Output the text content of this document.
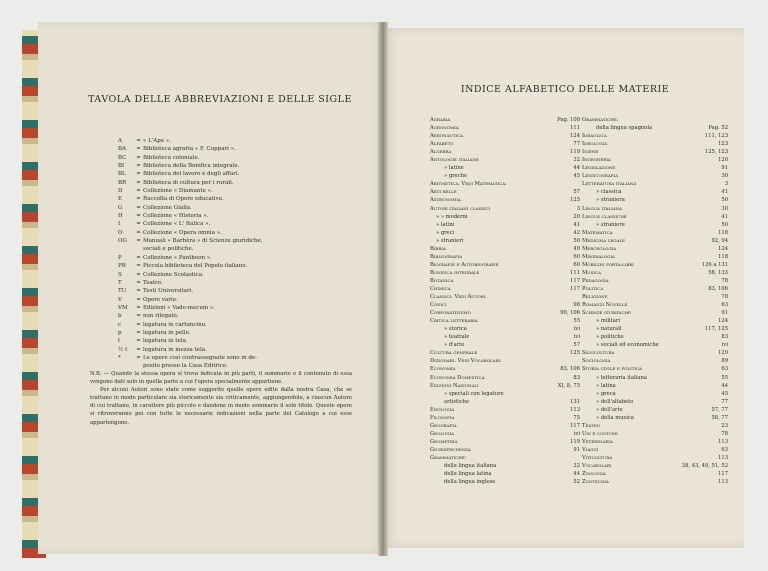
TAVOLA DELLE ABBREVIAZIONI E DELLE SIGLE
A	= « L'Ape ».
BA	= Biblioteca agraria « F. Cuppari ».
BC	= Biblioteca coloniale.
BI	= Biblioteca della Bonifica integrale.
BL	= Biblioteca del lavoro e degli affari.
BR	= Biblioteca di cultura per i rurali.
D	= Collezione « Diamante ».
E	= Raccolta di Opere educative.
G	= Collezione Gialla.
H	= Collezione « Historia ».
I	= Collezione « L' Italica ».
O	= Collezione « Opera omnia ».
OG	= Manuali « Barbèra » di Scienze giuridiche,
sociali e politiche.
P	= Collezione « Pantheon ».
PB	= Piccola biblioteca del Popolo italiano.
S	= Collezione Scolastica.
T	= Teatro.
TU	= Testi Universitari.
V	= Opere varie.
VM	= Edizioni « Vade-mecum ».
b	= non rilegato.
c	= legatura in cartoncino.
p	= legatura in pelle.
t	= legatura in tela.
½ t	= legatura in mezza tela.
*	= Le opere così contrassegnate sono in de-
posito presso la Casa Editrice.
N.B. — Quando la stessa opera si trova indicata in più parti, il sommario e il contenuto di essa vengono dati solo in quella parte a cui l'opera specialmente appartiene.
Per alcuni Autori sono state come suggerite quelle opere edite dalla nostra Casa, che se trattano in modo particolare sia storicamente sia criticamente, aggiungendole, a ciascun Autore di cui trattano, in carattere più piccolo e dandone in modo sommario il solo titolo. Queste opere si ritroveranno poi con tutte le necessarie indicazioni nella parte del Catalogo a cui esse appartengono.
INDICE ALFABETICO DELLE MATERIE
Agraria	Pag. 100
Agronomia	111
Aeronautica	124
Alfabeto	77
Algebra	119
Antologie italiane	32
» latine	44
» greche	45
Aritmetica. Vedi Matematica.
Arti belle	57
Astronomia	125
Autori italiani classici	3
» » moderni	20
» latini	41
» greci	42
» stranieri	50
Bibbia	49
Bibliografia	60
Biografie e Autobiografie	60
Bonifica integrale	111
Botanica	117
Chimica	117
Classici. Vedi Autori.
Codici	98
Corporativismo	90, 106
Critica letteraria	55
» storica	ivi
» teatrale	ivi
» d'arte	57
Cultura generale	125
Dizionari. Vedi Vocabolari.
Economia	83, 106
Economia Domestica	83
Edizioni Nazionali	XI, 8, 75
» speciali con legature
artistiche	131
Enologia	113
Filosofia	75
Geografia	117
Geologia	ivi
Geometria	119
Giurisprudenza	91
Grammatiche:
della lingua italiana	32
della lingua latina	44
della lingua inglese	52
Grammatiche:
della lingua spagnola	Pag. 52
Idraulica	111, 123
Idrologia	123
Igiene	125, 123
Ingegneria	120
Legislazione	91
Lessicografia	30
Letteratura italiana	3
» classica	41
» straniera	50
Lingua italiana	30
Lingue classiche	41
» straniere	50
Matematica	118
Medicina legale	92, 94
Merceologia	124
Mineralogia	118
Mobilini porta-libri	126 a 131
Musica	58, 133
Pedagogia	78
Politica	83, 106
Religione	78
Romanzi Novelle	63
Scienze giuridiche	91
» militari	124
» naturali	117, 125
» politiche	83
» sociali ed economiche	ivi
Silvicoltura	129
Sociologia	89
Storia civile e politica	63
» letteraria italiana	55
» latina	44
» greca	45
» dell'alfabeto	77
» dell'arte	57, 77
» della musica	58, 77
Teatro	23
Usi e costumi	78
Veterinaria	113
Viaggi	63
Viticoltura	113
Vocabolari	38, 43, 49, 51, 52
Zoologia	117
Zootecnia	113
